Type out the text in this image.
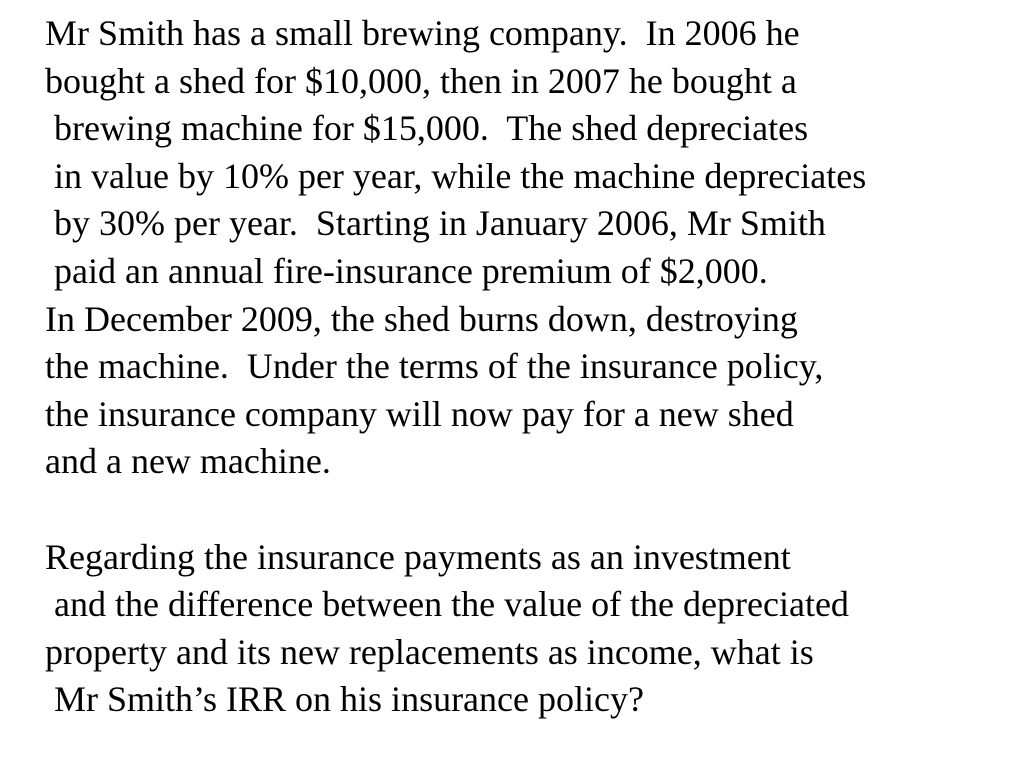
Mr Smith has a small brewing company.  In 2006 he

bought a shed for $10,000, then in 2007 he bought a

brewing machine for $15,000.  The shed depreciates

in value by 10% per year, while the machine depreciates

by 30% per year.  Starting in January 2006, Mr Smith

paid an annual fire-insurance premium of $2,000.

In December 2009, the shed burns down, destroying

the machine.  Under the terms of the insurance policy,

the insurance company will now pay for a new shed

and a new machine.

Regarding the insurance payments as an investment

and the difference between the value of the depreciated

property and its new replacements as income, what is

Mr Smith’s IRR on his insurance policy?
